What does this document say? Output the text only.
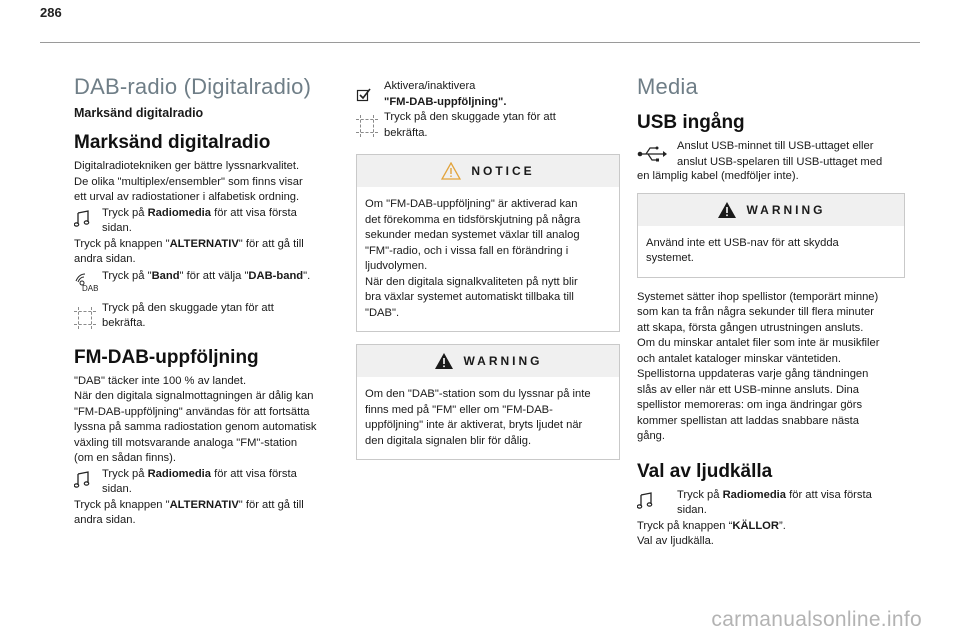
286
DAB-radio (Digitalradio)
Marksänd digitalradio
Marksänd digitalradio

Digitalradiotekniken ger bättre lyssnarkvalitet.

De olika "multiplex/ensembler" som finns visar

ett urval av radiostationer i alfabetisk ordning.

Tryck på Radiomedia för att visa första
sidan.

Tryck på knappen "ALTERNATIV" för att gå till
andra sidan.

DAB
Tryck på "Band" för att välja "DAB-band".
Tryck på den skuggade ytan för att
bekräfta.
FM-DAB-uppföljning

"DAB" täcker inte 100 % av landet.

När den digitala signalmottagningen är dålig kan

"FM-DAB-uppföljning" användas för att fortsätta

lyssna på samma radiostation genom automatisk

växling till motsvarande analoga "FM"-station

(om en sådan finns).

Tryck på Radiomedia för att visa första
sidan.

Tryck på knappen "ALTERNATIV" för att gå till
andra sidan.

Aktivera/inaktivera
"FM-DAB-uppföljning".
Tryck på den skuggade ytan för att
bekräfta.
NOTICE

Om "FM-DAB-uppföljning" är aktiverad kan

det förekomma en tidsförskjutning på några

sekunder medan systemet växlar till analog

"FM"-radio, och i vissa fall en förändring i

ljudvolymen.

När den digitala signalkvaliteten på nytt blir

bra växlar systemet automatiskt tillbaka till

"DAB".

WARNING

Om den "DAB"-station som du lyssnar på inte

finns med på "FM" eller om "FM-DAB-

uppföljning" inte är aktiverat, bryts ljudet när

den digitala signalen blir för dålig.

Media
USB ingång
Anslut USB-minnet till USB-uttaget eller
anslut USB-spelaren till USB-uttaget med

en lämplig kabel (medföljer inte).

WARNING

Använd inte ett USB-nav för att skydda

systemet.

Systemet sätter ihop spellistor (temporärt minne)

som kan ta från några sekunder till flera minuter

att skapa, första gången utrustningen ansluts.

Om du minskar antalet filer som inte är musikfiler

och antalet kataloger minskar väntetiden.

Spellistorna uppdateras varje gång tändningen

slås av eller när ett USB-minne ansluts. Dina

spellistor memoreras: om inga ändringar görs

kommer spellistan att laddas snabbare nästa

gång.

Val av ljudkälla
Tryck på Radiomedia för att visa första
sidan.

Tryck på knappen “KÄLLOR”.

Val av ljudkälla.

carmanualsonline.info
